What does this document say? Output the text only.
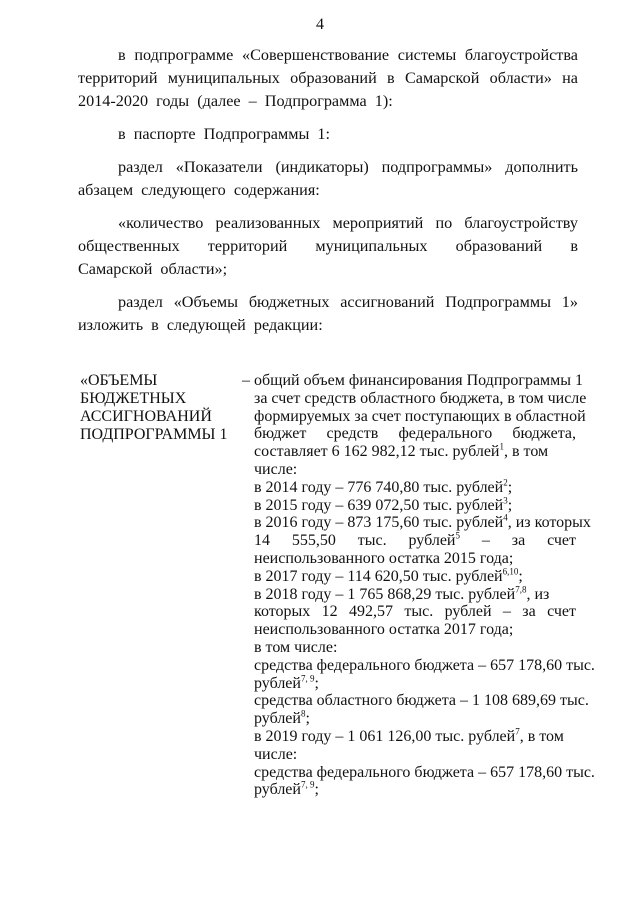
4

в подпрограмме «Совершенствование системы благоустройства территорий муниципальных образований в Самарской области» на 2014-2020 годы (далее – Подпрограмма 1):

в паспорте Подпрограммы 1:

раздел «Показатели (индикаторы) подпрограммы» дополнить абзацем следующего содержания:

«количество реализованных мероприятий по благоустройству общественных территорий муниципальных образований в Самарской области»;

раздел «Объемы бюджетных ассигнований Подпрограммы 1» изложить в следующей редакции:

«ОБЪЕМЫ
БЮДЖЕТНЫХ
АССИГНОВАНИЙ
ПОДПРОГРАММЫ 1
– общий объем финансирования Подпрограммы 1
за счет средств областного бюджета, в том числе
формируемых за счет поступающих в областной
бюджет средств федерального бюджета,
составляет 6 162 982,12 тыс. рублей$^1$, в том
числе:
в 2014 году – 776 740,80 тыс. рублей$^2$;
в 2015 году – 639 072,50 тыс. рублей$^3$;
в 2016 году – 873 175,60 тыс. рублей$^4$, из которых
14 555,50 тыс. рублей$^5$ – за счет
неиспользованного остатка 2015 года;
в 2017 году – 114 620,50 тыс. рублей$^{6,10}$;
в 2018 году – 1 765 868,29 тыс. рублей$^{7,8}$, из
которых 12 492,57 тыс. рублей – за счет
неиспользованного остатка 2017 года;
в том числе:
средства федерального бюджета – 657 178,60 тыс.
рублей$^{7, 9}$;
средства областного бюджета – 1 108 689,69 тыс.
рублей$^8$;
в 2019 году – 1 061 126,00 тыс. рублей$^7$, в том
числе:
средства федерального бюджета – 657 178,60 тыс.
рублей$^{7, 9}$;
